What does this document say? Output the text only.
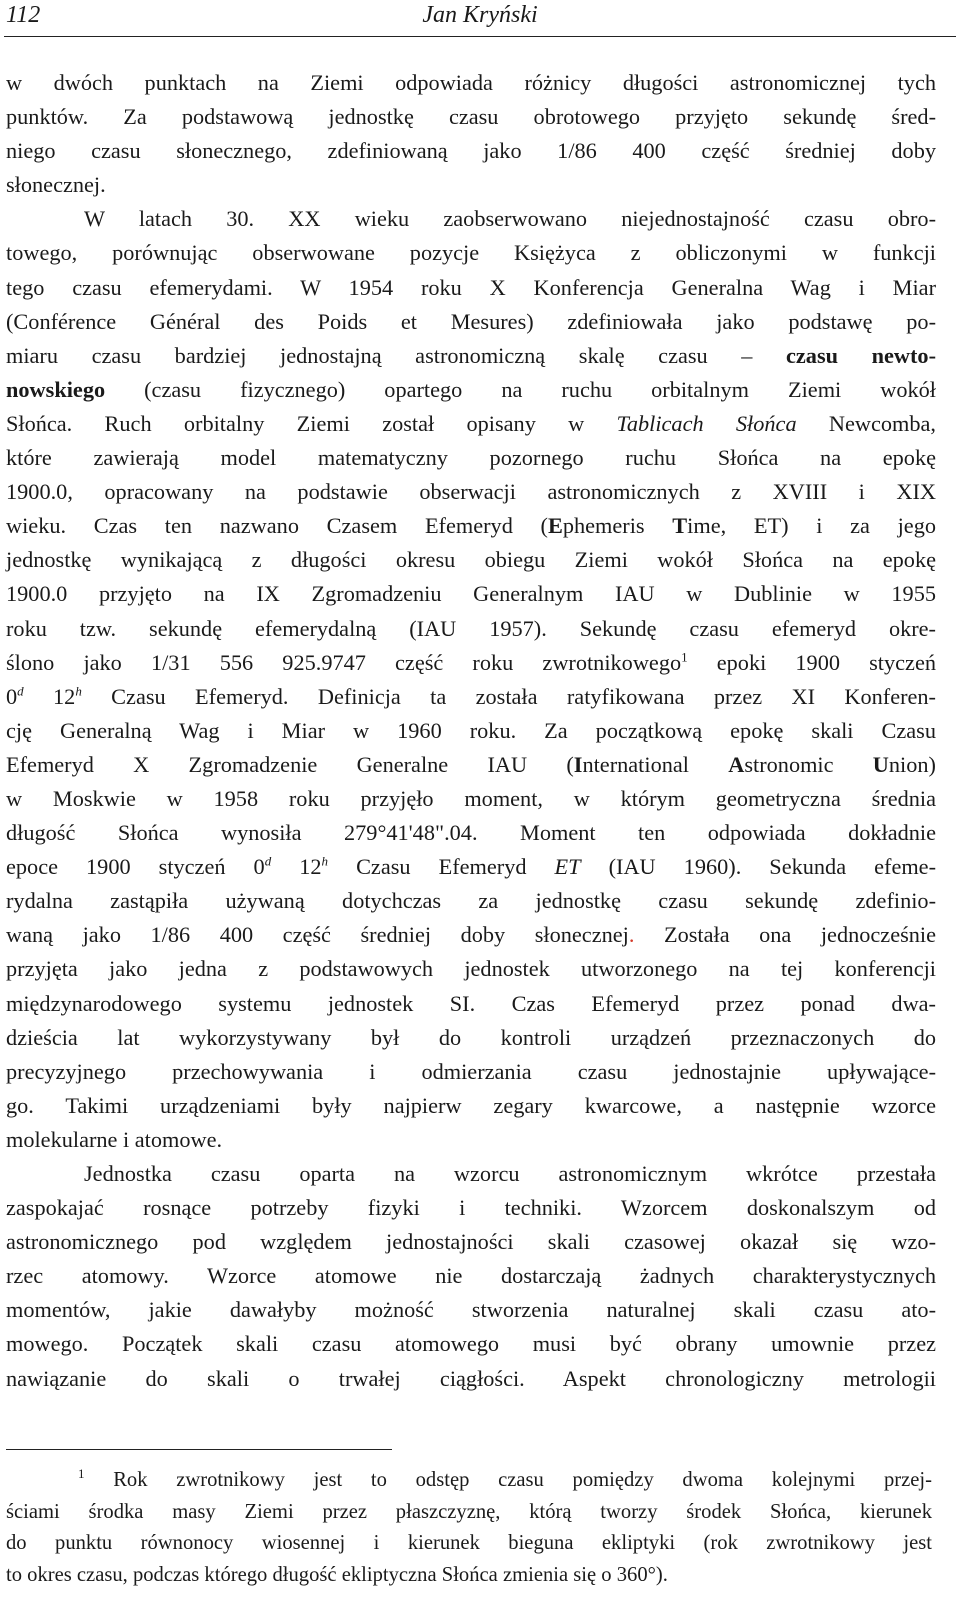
112	Jan Kryński

w dwóch punktach na Ziemi odpowiada różnicy długości astronomicznej tych
punktów. Za podstawową jednostkę czasu obrotowego przyjęto sekundę śred-
niego czasu słonecznego, zdefiniowaną jako 1/86 400 część średniej doby
słonecznej.

W latach 30. XX wieku zaobserwowano niejednostajność czasu obro-
towego, porównując obserwowane pozycje Księżyca z obliczonymi w funkcji
tego czasu efemerydami. W 1954 roku X Konferencja Generalna Wag i Miar
(Conférence Général des Poids et Mesures) zdefiniowała jako podstawę po-
miaru czasu bardziej jednostajną astronomiczną skalę czasu – czasu newto-
nowskiego (czasu fizycznego) opartego na ruchu orbitalnym Ziemi wokół
Słońca. Ruch orbitalny Ziemi został opisany w Tablicach Słońca Newcomba,
które zawierają model matematyczny pozornego ruchu Słońca na epokę
1900.0, opracowany na podstawie obserwacji astronomicznych z XVIII i XIX
wieku. Czas ten nazwano Czasem Efemeryd (Ephemeris Time, ET) i za jego
jednostkę wynikającą z długości okresu obiegu Ziemi wokół Słońca na epokę
1900.0 przyjęto na IX Zgromadzeniu Generalnym IAU w Dublinie w 1955
roku tzw. sekundę efemerydalną (IAU 1957). Sekundę czasu efemeryd okre-
ślono jako 1/31 556 925.9747 część roku zwrotnikowego$^1$ epoki 1900 styczeń
0$^d$ 12$^h$ Czasu Efemeryd. Definicja ta została ratyfikowana przez XI Konferen-
cję Generalną Wag i Miar w 1960 roku. Za początkową epokę skali Czasu
Efemeryd X Zgromadzenie Generalne IAU (International Astronomic Union)
w Moskwie w 1958 roku przyjęło moment, w którym geometryczna średnia
długość Słońca wynosiła 279°41'48".04. Moment ten odpowiada dokładnie
epoce 1900 styczeń 0$^d$ 12$^h$ Czasu Efemeryd ET (IAU 1960). Sekunda efeme-
rydalna zastąpiła używaną dotychczas za jednostkę czasu sekundę zdefinio-
waną jako 1/86 400 część średniej doby słonecznej. Została ona jednocześnie
przyjęta jako jedna z podstawowych jednostek utworzonego na tej konferencji
międzynarodowego systemu jednostek SI. Czas Efemeryd przez ponad dwa-
dzieścia lat wykorzystywany był do kontroli urządzeń przeznaczonych do
precyzyjnego przechowywania i odmierzania czasu jednostajnie upływające-
go. Takimi urządzeniami były najpierw zegary kwarcowe, a następnie wzorce
molekularne i atomowe.

Jednostka czasu oparta na wzorcu astronomicznym wkrótce przestała
zaspokajać rosnące potrzeby fizyki i techniki. Wzorcem doskonalszym od
astronomicznego pod względem jednostajności skali czasowej okazał się wzo-
rzec atomowy. Wzorce atomowe nie dostarczają żadnych charakterystycznych
momentów, jakie dawałyby możność stworzenia naturalnej skali czasu ato-
mowego. Początek skali czasu atomowego musi być obrany umownie przez
nawiązanie do skali o trwałej ciągłości. Aspekt chronologiczny metrologii

$^1$ Rok zwrotnikowy jest to odstęp czasu pomiędzy dwoma kolejnymi przej-
ściami środka masy Ziemi przez płaszczyznę, którą tworzy środek Słońca, kierunek
do punktu równonocy wiosennej i kierunek bieguna ekliptyki (rok zwrotnikowy jest
to okres czasu, podczas którego długość ekliptyczna Słońca zmienia się o 360°).
